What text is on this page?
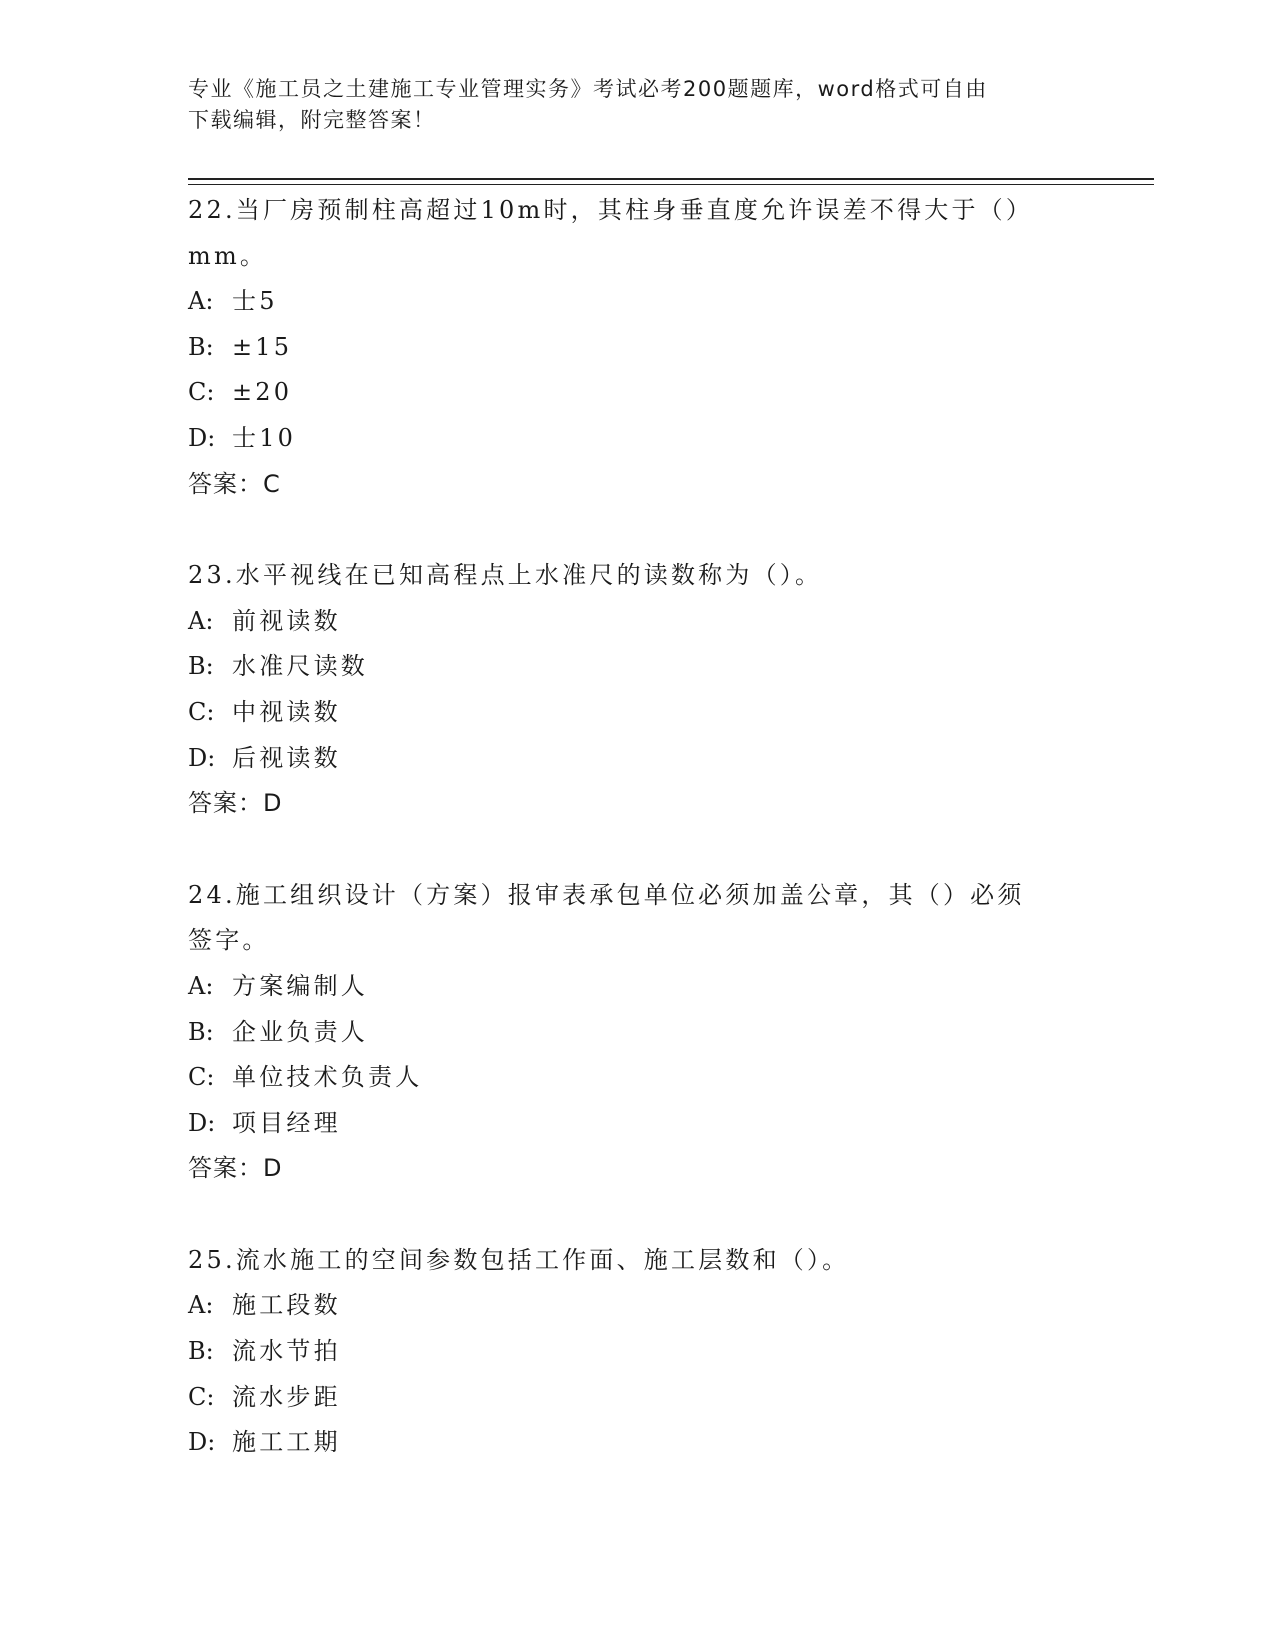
专业《施工员之土建施工专业管理实务》考试必考200题题库，word格式可自由
下载编辑，附完整答案！
22.当厂房预制柱高超过10m时，其柱身垂直度允许误差不得大于（）
mm。
A: 士5
B: ±15
C: ±20
D: 士10
答案：C
23.水平视线在已知高程点上水准尺的读数称为（）。
A: 前视读数
B: 水准尺读数
C: 中视读数
D: 后视读数
答案：D
24.施工组织设计（方案）报审表承包单位必须加盖公章，其（）必须
签字。
A: 方案编制人
B: 企业负责人
C: 单位技术负责人
D: 项目经理
答案：D
25.流水施工的空间参数包括工作面、施工层数和（）。
A: 施工段数
B: 流水节拍
C: 流水步距
D: 施工工期
